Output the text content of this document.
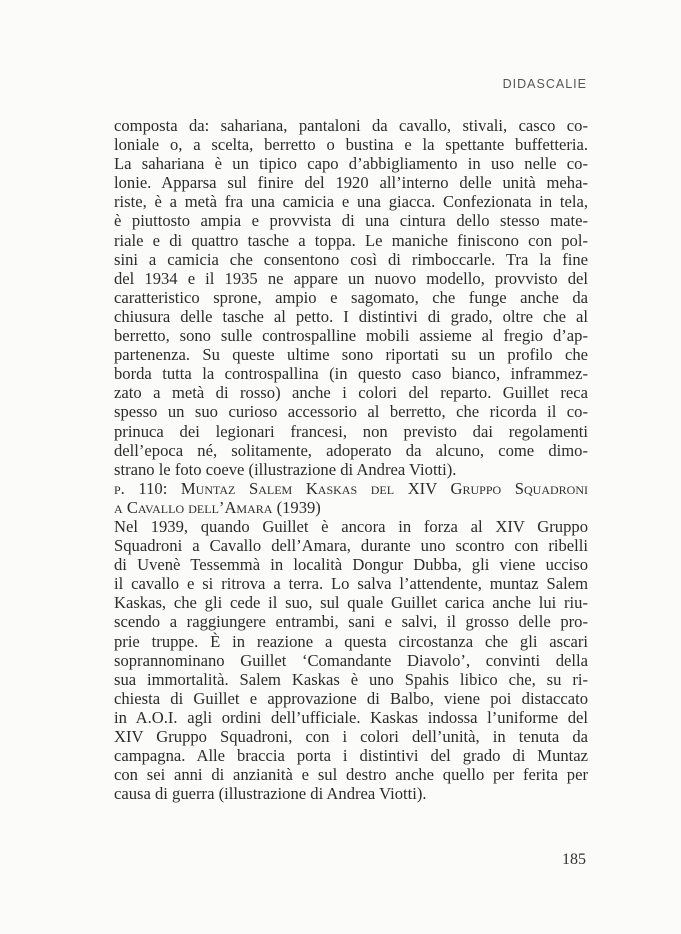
DIDASCALIE
composta da: sahariana, pantaloni da cavallo, stivali, casco co-
loniale o, a scelta, berretto o bustina e la spettante buffetteria.
La sahariana è un tipico capo d’abbigliamento in uso nelle co-
lonie. Apparsa sul finire del 1920 all’interno delle unità meha-
riste, è a metà fra una camicia e una giacca. Confezionata in tela,
è piuttosto ampia e provvista di una cintura dello stesso mate-
riale e di quattro tasche a toppa. Le maniche finiscono con pol-
sini a camicia che consentono così di rimboccarle. Tra la fine
del 1934 e il 1935 ne appare un nuovo modello, provvisto del
caratteristico sprone, ampio e sagomato, che funge anche da
chiusura delle tasche al petto. I distintivi di grado, oltre che al
berretto, sono sulle controspalline mobili assieme al fregio d’ap-
partenenza. Su queste ultime sono riportati su un profilo che
borda tutta la controspallina (in questo caso bianco, inframmez-
zato a metà di rosso) anche i colori del reparto. Guillet reca
spesso un suo curioso accessorio al berretto, che ricorda il co-
prinuca dei legionari francesi, non previsto dai regolamenti
dell’epoca né, solitamente, adoperato da alcuno, come dimo-
strano le foto coeve (illustrazione di Andrea Viotti).
p. 110: Muntaz Salem Kaskas del XIV Gruppo Squadroni
a Cavallo dell’Amara (1939)
Nel 1939, quando Guillet è ancora in forza al XIV Gruppo
Squadroni a Cavallo dell’Amara, durante uno scontro con ribelli
di Uvenè Tessemmà in località Dongur Dubba, gli viene ucciso
il cavallo e si ritrova a terra. Lo salva l’attendente, muntaz Salem
Kaskas, che gli cede il suo, sul quale Guillet carica anche lui riu-
scendo a raggiungere entrambi, sani e salvi, il grosso delle pro-
prie truppe. È in reazione a questa circostanza che gli ascari
soprannominano Guillet ‘Comandante Diavolo’, convinti della
sua immortalità. Salem Kaskas è uno Spahis libico che, su ri-
chiesta di Guillet e approvazione di Balbo, viene poi distaccato
in A.O.I. agli ordini dell’ufficiale. Kaskas indossa l’uniforme del
XIV Gruppo Squadroni, con i colori dell’unità, in tenuta da
campagna. Alle braccia porta i distintivi del grado di Muntaz
con sei anni di anzianità e sul destro anche quello per ferita per
causa di guerra (illustrazione di Andrea Viotti).
185
